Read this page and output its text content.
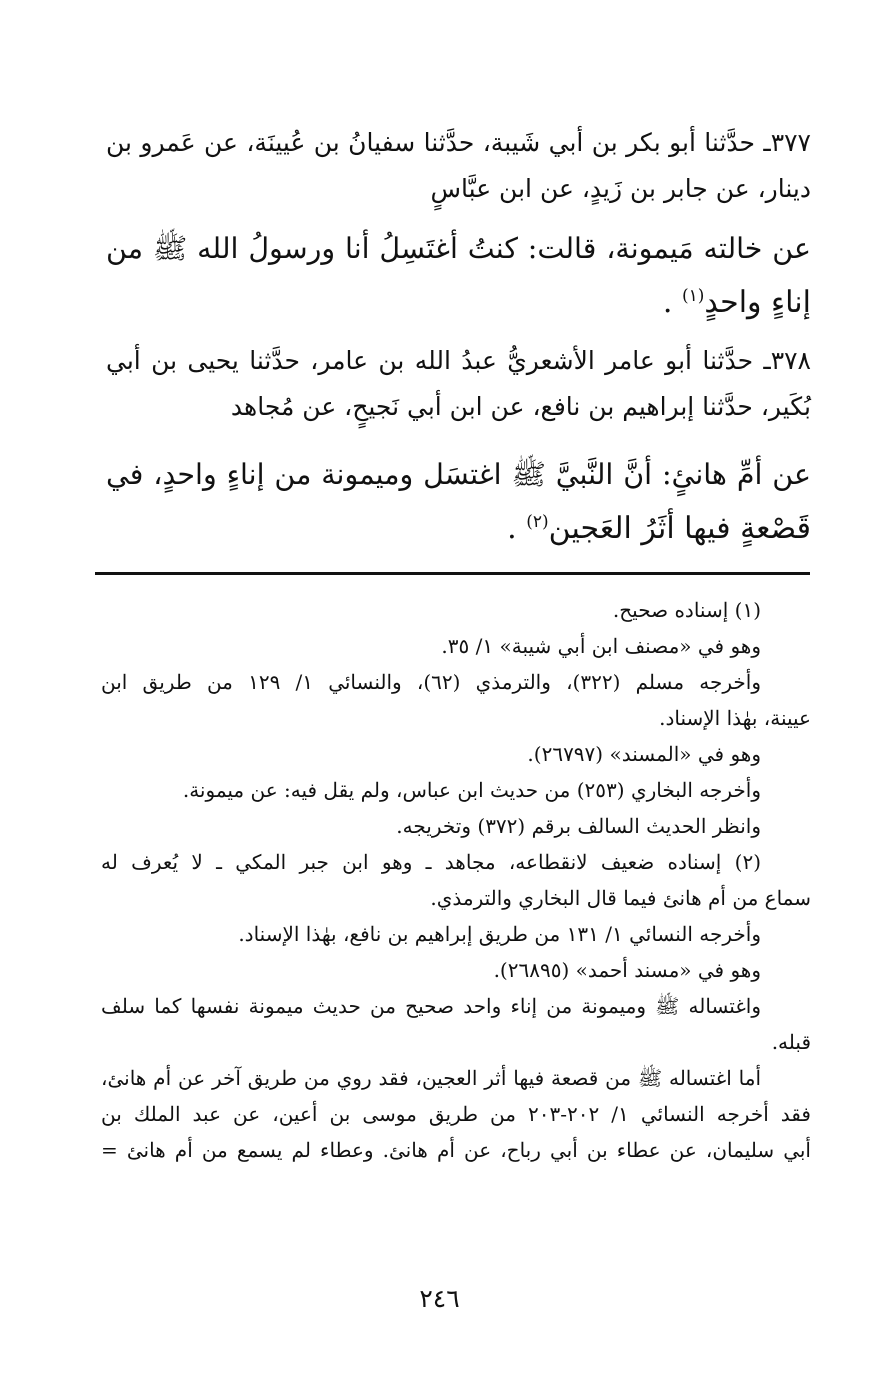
٣٧٧ـ حدَّثنا أبو بكر بن أبي شَيبة، حدَّثنا سفيانُ بن عُيينَة، عن عَمرو بن
دينار، عن جابر بن زَيدٍ، عن ابن عبَّاسٍ

عن خالته مَيمونة، قالت: كنتُ أغتَسِلُ أنا ورسولُ الله ﷺ من
إناءٍ واحدٍ$^{(١)}$ .

٣٧٨ـ حدَّثنا أبو عامر الأشعريُّ عبدُ الله بن عامر، حدَّثنا يحيى بن أبي
بُكَير، حدَّثنا إبراهيم بن نافع، عن ابن أبي نَجيحٍ، عن مُجاهد

عن أمِّ هانئٍ: أنَّ النَّبيَّ ﷺ اغتسَل وميمونة من إناءٍ واحدٍ، في
قَصْعةٍ فيها أثَرُ العَجين$^{(٢)}$ .

(١) إسناده صحيح.
وهو في «مصنف ابن أبي شيبة» ١/ ٣٥.
وأخرجه مسلم (٣٢٢)، والترمذي (٦٢)، والنسائي ١/ ١٢٩ من طريق ابن
عيينة، بهٰذا الإسناد.
وهو في «المسند» (٢٦٧٩٧).
وأخرجه البخاري (٢٥٣) من حديث ابن عباس، ولم يقل فيه: عن ميمونة.
وانظر الحديث السالف برقم (٣٧٢) وتخريجه.
(٢) إسناده ضعيف لانقطاعه، مجاهد ـ وهو ابن جبر المكي ـ لا يُعرف له
سماع من أم هانئ فيما قال البخاري والترمذي.
وأخرجه النسائي ١/ ١٣١ من طريق إبراهيم بن نافع، بهٰذا الإسناد.
وهو في «مسند أحمد» (٢٦٨٩٥).
واغتساله ﷺ وميمونة من إناء واحد صحيح من حديث ميمونة نفسها كما سلف
قبله.
أما اغتساله ﷺ من قصعة فيها أثر العجين، فقد روي من طريق آخر عن أم هانئ،
فقد أخرجه النسائي ١/ ٢٠٢-٢٠٣ من طريق موسى بن أعين، عن عبد الملك بن
أبي سليمان، عن عطاء بن أبي رباح، عن أم هانئ. وعطاء لم يسمع من أم هانئ =
٢٤٦
